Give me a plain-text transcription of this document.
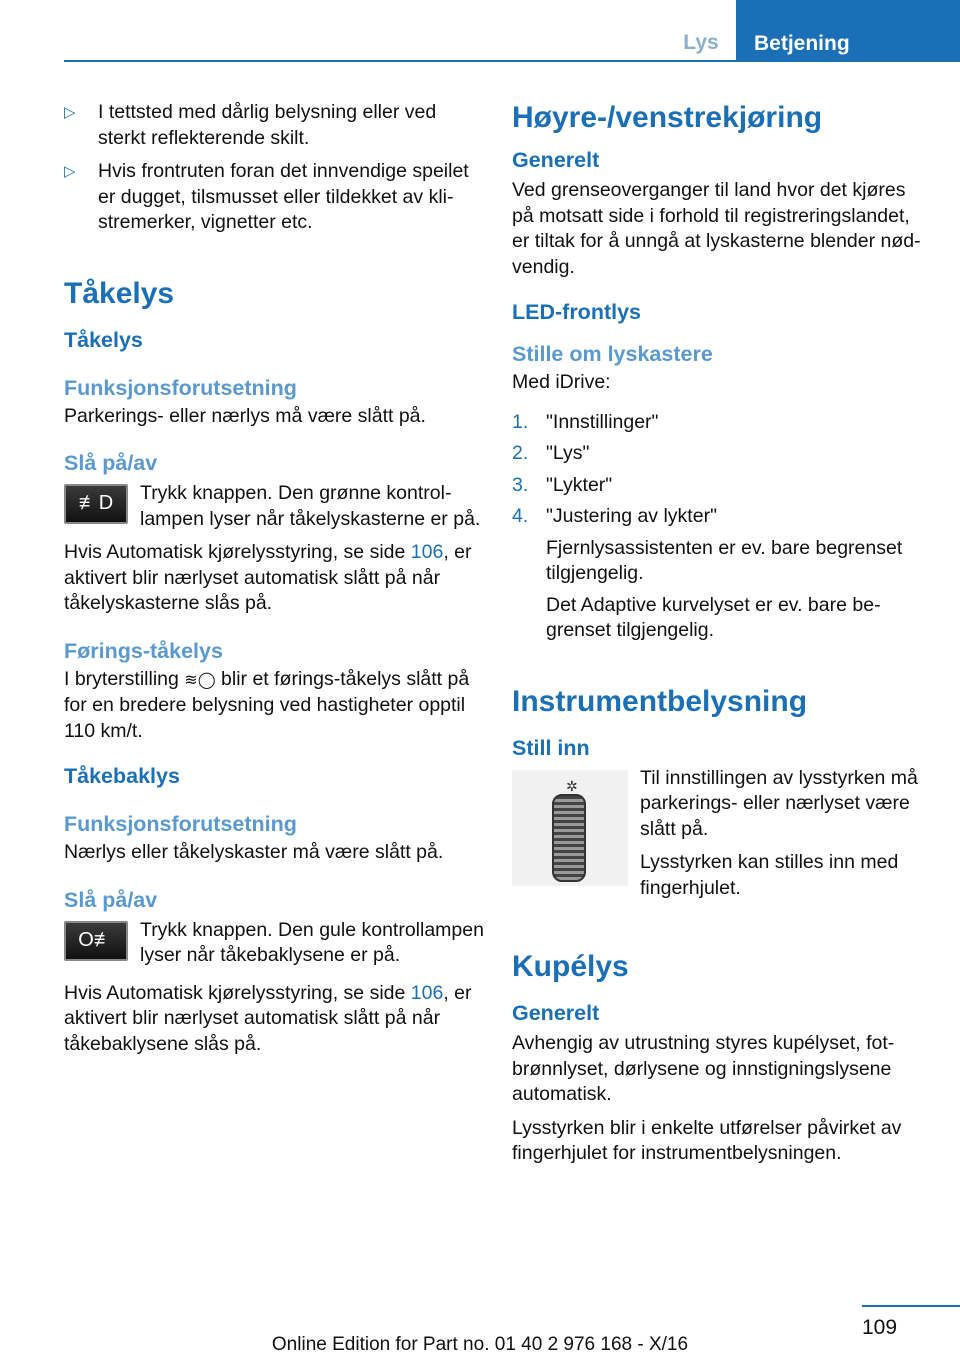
Lys	Betjening
▷	I tettsted med dårlig belysning eller ved sterkt reflekterende skilt.
▷	Hvis frontruten foran det innvendige speilet er dugget, tilsmusset eller tildekket av klistremerker, vignetter etc.
Tåkelys
Tåkelys
Funksjonsforutsetning

Parkerings- eller nærlys må være slått på.

Slå på/av
≢D	Trykk knappen. Den grønne kontrollampen lyser når tåkelyskasterne er på.

Hvis Automatisk kjørelysstyring, se side 106, er aktivert blir nærlyset automatisk slått på når tåkelyskasterne slås på.

Førings-tåkelys

I bryterstilling ≋◯ blir et førings-tåkelys slått på for en bredere belysning ved hastigheter opptil 110 km/t.

Tåkebaklys
Funksjonsforutsetning

Nærlys eller tåkelyskaster må være slått på.

Slå på/av
O≢	Trykk knappen. Den gule kontrollampen lyser når tåkebaklysene er på.

Hvis Automatisk kjørelysstyring, se side 106, er aktivert blir nærlyset automatisk slått på når tåkebaklysene slås på.

Høyre-/venstrekjøring
Generelt

Ved grenseoverganger til land hvor det kjøres på motsatt side i forhold til registreringslandet, er tiltak for å unngå at lyskasterne blender nødvendig.

LED-frontlys
Stille om lyskastere

Med iDrive:

1. "Innstillinger"
2. "Lys"
3. "Lykter"
4. "Justering av lykter"

Fjernlysassistenten er ev. bare begrenset tilgjengelig.

Det Adaptive kurvelyset er ev. bare begrenset tilgjengelig.

Instrumentbelysning
Still inn
✲	Til innstillingen av lysstyrken må parkerings- eller nærlyset være slått på.

Lysstyrken kan stilles inn med fingerhjulet.

Kupélys
Generelt

Avhengig av utrustning styres kupélyset, fotbrønnlyset, dørlysene og innstigningslysene automatisk.

Lysstyrken blir i enkelte utførelser påvirket av fingerhjulet for instrumentbelysningen.

109
Online Edition for Part no. 01 40 2 976 168 - X/16
